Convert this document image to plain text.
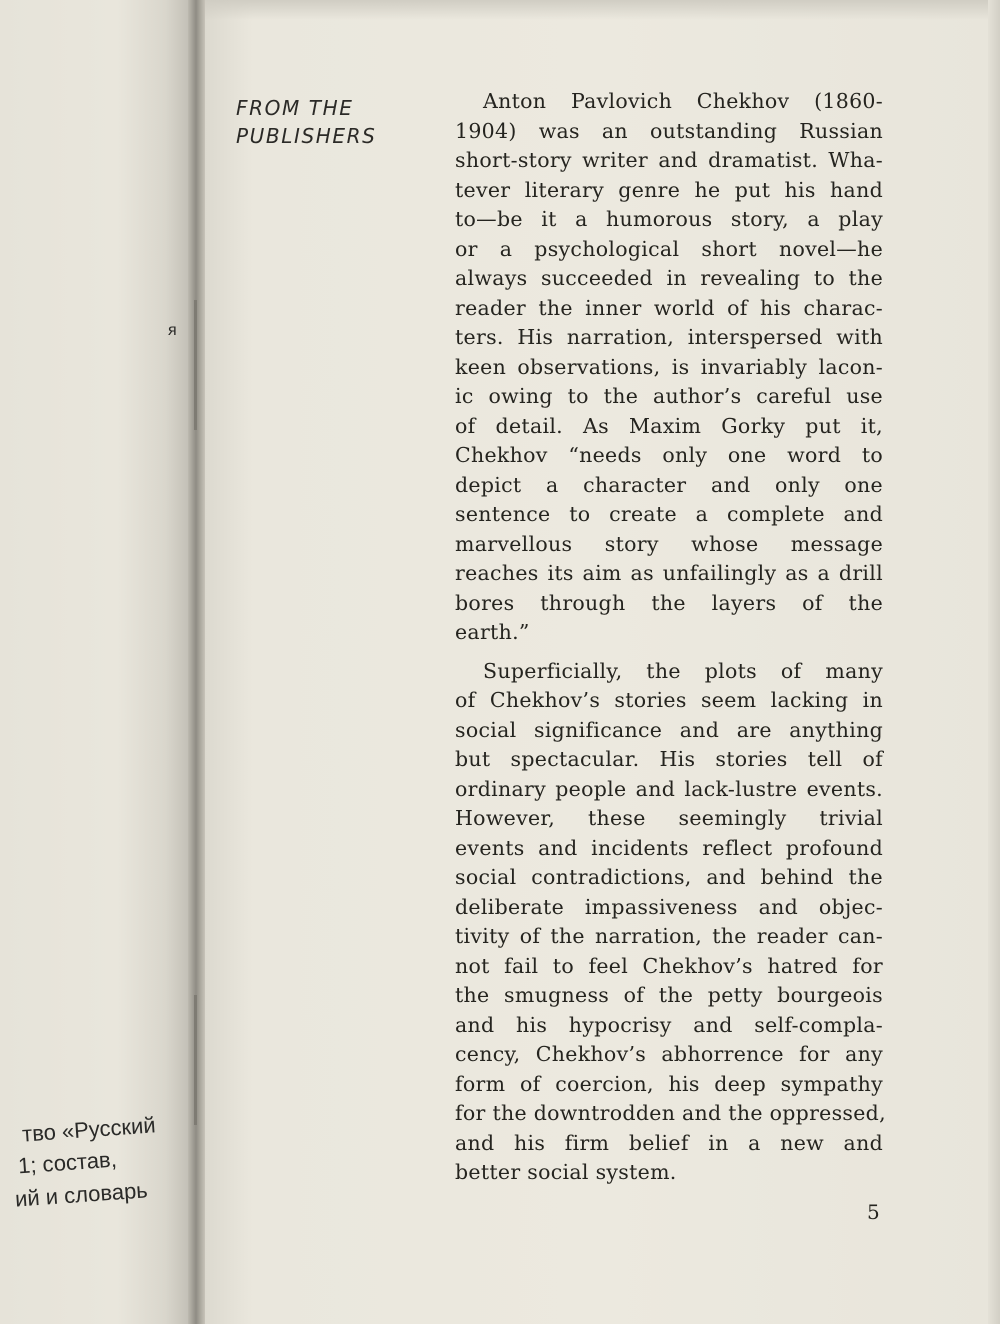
я
тво «Русский
1; состав,
ий и словарь
FROM THE
PUBLISHERS
Anton Pavlovich Chekhov (1860-
1904) was an outstanding Russian
short-story writer and dramatist. Wha-
tever literary genre he put his hand
to—be it a humorous story, a play
or a psychological short novel—he
always succeeded in revealing to the
reader the inner world of his charac-
ters. His narration, interspersed with
keen observations, is invariably lacon-
ic owing to the author’s careful use
of detail. As Maxim Gorky put it,
Chekhov “needs only one word to
depict a character and only one
sentence to create a complete and
marvellous story whose message
reaches its aim as unfailingly as a drill
bores through the layers of the
earth.”
Superficially, the plots of many
of Chekhov’s stories seem lacking in
social significance and are anything
but spectacular. His stories tell of
ordinary people and lack-lustre events.
However, these seemingly trivial
events and incidents reflect profound
social contradictions, and behind the
deliberate impassiveness and objec-
tivity of the narration, the reader can-
not fail to feel Chekhov’s hatred for
the smugness of the petty bourgeois
and his hypocrisy and self-complа-
cency, Chekhov’s abhorrence for any
form of coercion, his deep sympathy
for the downtrodden and the oppressed,
and his firm belief in a new and
better social system.
5
